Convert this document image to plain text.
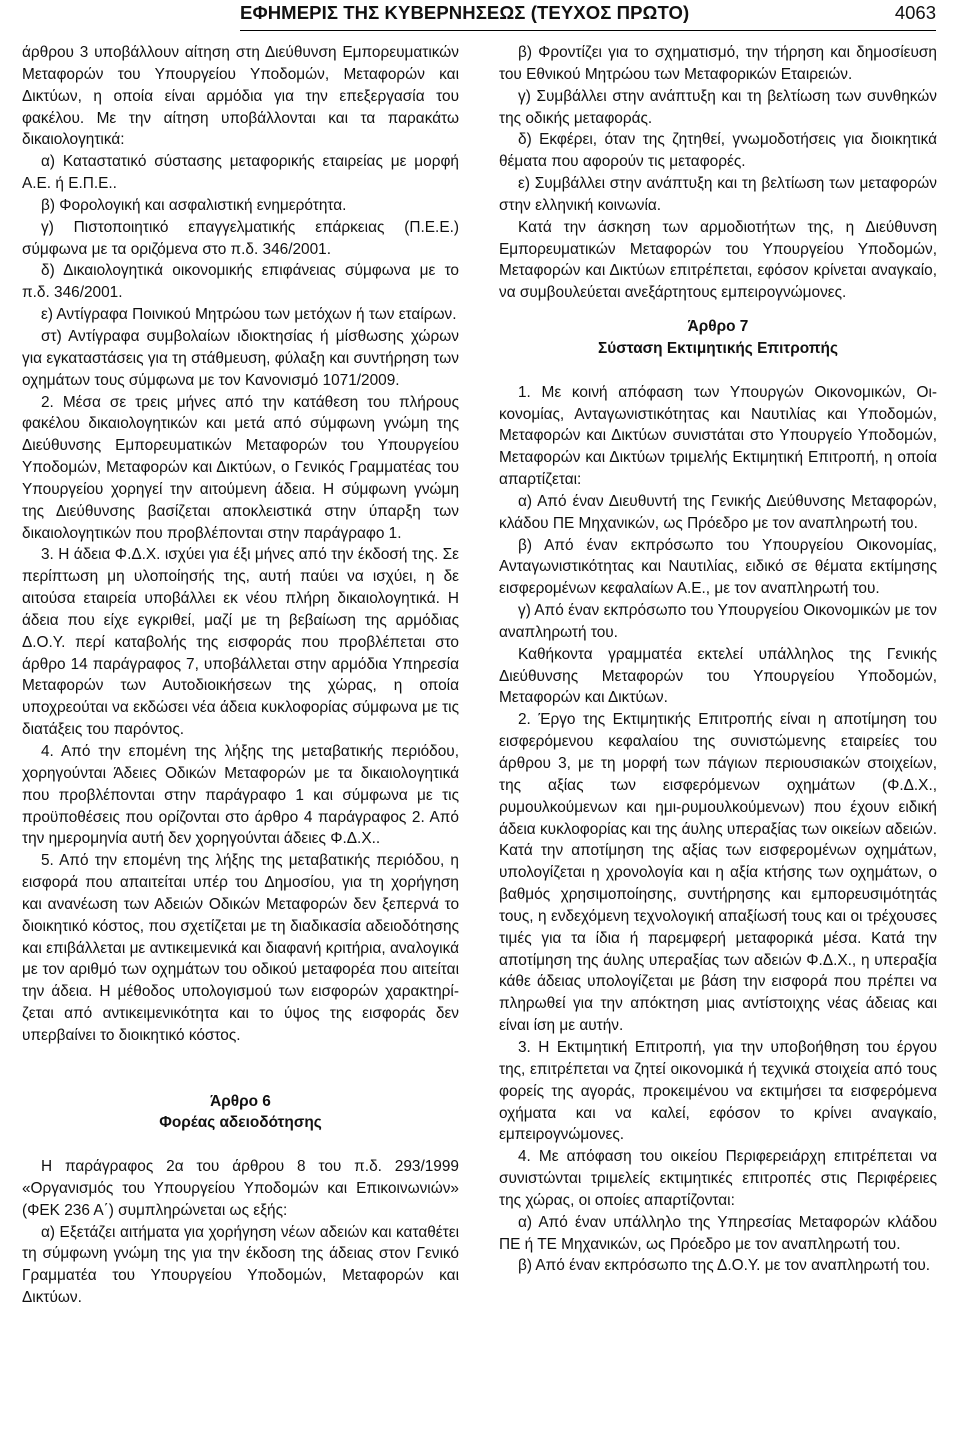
ΕΦΗΜΕΡΙΣ ΤΗΣ ΚΥΒΕΡΝΗΣΕΩΣ (ΤΕΥΧΟΣ ΠΡΩΤΟ)	4063

άρθρου 3 υποβάλλουν αίτηση στη Διεύθυνση Εμπορευματικών Μεταφορών του Υπουργείου Υποδομών, Μεταφορών και Δικτύων, η οποία είναι αρμόδια για την επεξεργασία του φακέλου. Με την αίτηση υποβάλλονται και τα παρακάτω δικαιολογητικά:

α) Καταστατικό σύστασης μεταφορικής εταιρείας με μορφή Α.Ε. ή Ε.Π.Ε..

β) Φορολογική και ασφαλιστική ενημερότητα.

γ) Πιστοποιητικό επαγγελματικής επάρκειας (Π.Ε.Ε.) σύμφωνα με τα οριζόμενα στο π.δ. 346/2001.

δ) Δικαιολογητικά οικονομικής επιφάνειας σύμφωνα με το π.δ. 346/2001.

ε) Αντίγραφα Ποινικού Μητρώου των μετόχων ή των εταίρων.

στ) Αντίγραφα συμβολαίων ιδιοκτησίας ή μίσθωσης χώρων για εγκαταστάσεις για τη στάθμευση, φύλαξη και συντήρηση των οχημάτων τους σύμφωνα με τον Κανονισμό 1071/2009.

2. Μέσα σε τρεις μήνες από την κατάθεση του πλήρους φακέλου δικαιολογητικών και μετά από σύμφωνη γνώμη της Διεύθυνσης Εμπορευματικών Μεταφορών του Υπουργείου Υποδομών, Μεταφορών και Δικτύων, ο Γενικός Γραμματέας του Υπουργείου χορηγεί την αιτούμενη άδεια. Η σύμφωνη γνώμη της Διεύθυνσης βασίζεται αποκλειστικά στην ύπαρξη των δικαιολογητικών που προβλέπονται στην παράγραφο 1.

3. Η άδεια Φ.Δ.Χ. ισχύει για έξι μήνες από την έκδοσή της. Σε περίπτωση μη υλοποίησής της, αυτή παύει να ισχύει, η δε αιτούσα εταιρεία υποβάλλει εκ νέου πλήρη δικαιολογητικά. Η άδεια που είχε εγκριθεί, μαζί με τη βεβαίωση της αρμόδιας Δ.Ο.Υ. περί καταβολής της εισφοράς που προβλέπεται στο άρθρο 14 παράγραφος 7, υποβάλλεται στην αρμόδια Υπηρεσία Μεταφορών των Αυτοδιοικήσεων της χώρας, η οποία υποχρεούται να εκδώσει νέα άδεια κυκλοφορίας σύμφωνα με τις διατάξεις του παρόντος.

4. Από την επομένη της λήξης της μεταβατικής περιόδου, χορηγούνται Άδειες Οδικών Μεταφορών με τα δικαιολογητικά που προβλέπονται στην παράγραφο 1 και σύμφωνα με τις προϋποθέσεις που ορίζονται στο άρθρο 4 παράγραφος 2. Από την ημερομηνία αυτή δεν χορηγούνται άδειες Φ.Δ.Χ..

5. Από την επομένη της λήξης της μεταβατικής περιόδου, η εισφορά που απαιτείται υπέρ του Δημοσίου, για τη χορήγηση και ανανέωση των Αδειών Οδικών Μεταφορών δεν ξεπερνά το διοικητικό κόστος, που σχετίζεται με τη διαδικασία αδειοδότησης και επιβάλλεται με αντικειμενικά και διαφανή κριτήρια, αναλογικά με τον αριθμό των οχημάτων του οδικού μεταφορέα που αιτείται την άδεια. Η μέθοδος υπολογισμού των εισφορών χαρακτηρίζεται από αντικειμενικότητα και το ύψος της εισφοράς δεν υπερβαίνει το διοικητικό κόστος.

Άρθρο 6
Φορέας αδειοδότησης

Η παράγραφος 2α του άρθρου 8 του π.δ. 293/1999 «Οργανισμός του Υπουργείου Υποδομών και Επικοινωνιών» (ΦΕΚ 236 Α΄) συμπληρώνεται ως εξής:

α) Εξετάζει αιτήματα για χορήγηση νέων αδειών και καταθέτει τη σύμφωνη γνώμη της για την έκδοση της άδειας στον Γενικό Γραμματέα του Υπουργείου Υποδομών, Μεταφορών και Δικτύων.

β) Φροντίζει για το σχηματισμό, την τήρηση και δημοσίευση του Εθνικού Μητρώου των Μεταφορικών Εταιρειών.

γ) Συμβάλλει στην ανάπτυξη και τη βελτίωση των συνθηκών της οδικής μεταφοράς.

δ) Εκφέρει, όταν της ζητηθεί, γνωμοδοτήσεις για διοικητικά θέματα που αφορούν τις μεταφορές.

ε) Συμβάλλει στην ανάπτυξη και τη βελτίωση των μεταφορών στην ελληνική κοινωνία.

Κατά την άσκηση των αρμοδιοτήτων της, η Διεύθυνση Εμπορευματικών Μεταφορών του Υπουργείου Υποδομών, Μεταφορών και Δικτύων επιτρέπεται, εφόσον κρίνεται αναγκαίο, να συμβουλεύεται ανεξάρτητους εμπειρογνώμονες.

Άρθρο 7
Σύσταση Εκτιμητικής Επιτροπής

1. Με κοινή απόφαση των Υπουργών Οικονομικών, Οικονομίας, Ανταγωνιστικότητας και Ναυτιλίας και Υποδομών, Μεταφορών και Δικτύων συνιστάται στο Υπουργείο Υποδομών, Μεταφορών και Δικτύων τριμελής Εκτιμητική Επιτροπή, η οποία απαρτίζεται:

α) Από έναν Διευθυντή της Γενικής Διεύθυνσης Μεταφορών, κλάδου ΠΕ Μηχανικών, ως Πρόεδρο με τον αναπληρωτή του.

β) Από έναν εκπρόσωπο του Υπουργείου Οικονομίας, Ανταγωνιστικότητας και Ναυτιλίας, ειδικό σε θέματα εκτίμησης εισφερομένων κεφαλαίων Α.Ε., με τον αναπληρωτή του.

γ) Από έναν εκπρόσωπο του Υπουργείου Οικονομικών με τον αναπληρωτή του.

Καθήκοντα γραμματέα εκτελεί υπάλληλος της Γενικής Διεύθυνσης Μεταφορών του Υπουργείου Υποδομών, Μεταφορών και Δικτύων.

2. Έργο της Εκτιμητικής Επιτροπής είναι η αποτίμηση του εισφερόμενου κεφαλαίου της συνιστώμενης εταιρείες του άρθρου 3, με τη μορφή των πάγιων περιουσιακών στοιχείων, της αξίας των εισφερόμενων οχημάτων (Φ.Δ.Χ., ρυμουλκούμενων και ημι-ρυμουλκούμενων) που έχουν ειδική άδεια κυκλοφορίας και της άυλης υπεραξίας των οικείων αδειών. Κατά την αποτίμηση της αξίας των εισφερομένων οχημάτων, υπολογίζεται η χρονολογία και η αξία κτήσης των οχημάτων, ο βαθμός χρησιμοποίησης, συντήρησης και εμπορευσιμότητάς τους, η ενδεχόμενη τεχνολογική απαξίωσή τους και οι τρέχουσες τιμές για τα ίδια ή παρεμφερή μεταφορικά μέσα. Κατά την αποτίμηση της άυλης υπεραξίας των αδειών Φ.Δ.Χ., η υπεραξία κάθε άδειας υπολογίζεται με βάση την εισφορά που πρέπει να πληρωθεί για την απόκτηση μιας αντίστοιχης νέας άδειας και είναι ίση με αυτήν.

3. Η Εκτιμητική Επιτροπή, για την υποβοήθηση του έργου της, επιτρέπεται να ζητεί οικονομικά ή τεχνικά στοιχεία από τους φορείς της αγοράς, προκειμένου να εκτιμήσει τα εισφερόμενα οχήματα και να καλεί, εφόσον το κρίνει αναγκαίο, εμπειρογνώμονες.

4. Με απόφαση του οικείου Περιφερειάρχη επιτρέπεται να συνιστώνται τριμελείς εκτιμητικές επιτροπές στις Περιφέρειες της χώρας, οι οποίες απαρτίζονται:

α) Από έναν υπάλληλο της Υπηρεσίας Μεταφορών κλάδου ΠΕ ή ΤΕ Μηχανικών, ως Πρόεδρο με τον αναπληρωτή του.

β) Από έναν εκπρόσωπο της Δ.Ο.Υ. με τον αναπληρωτή του.
